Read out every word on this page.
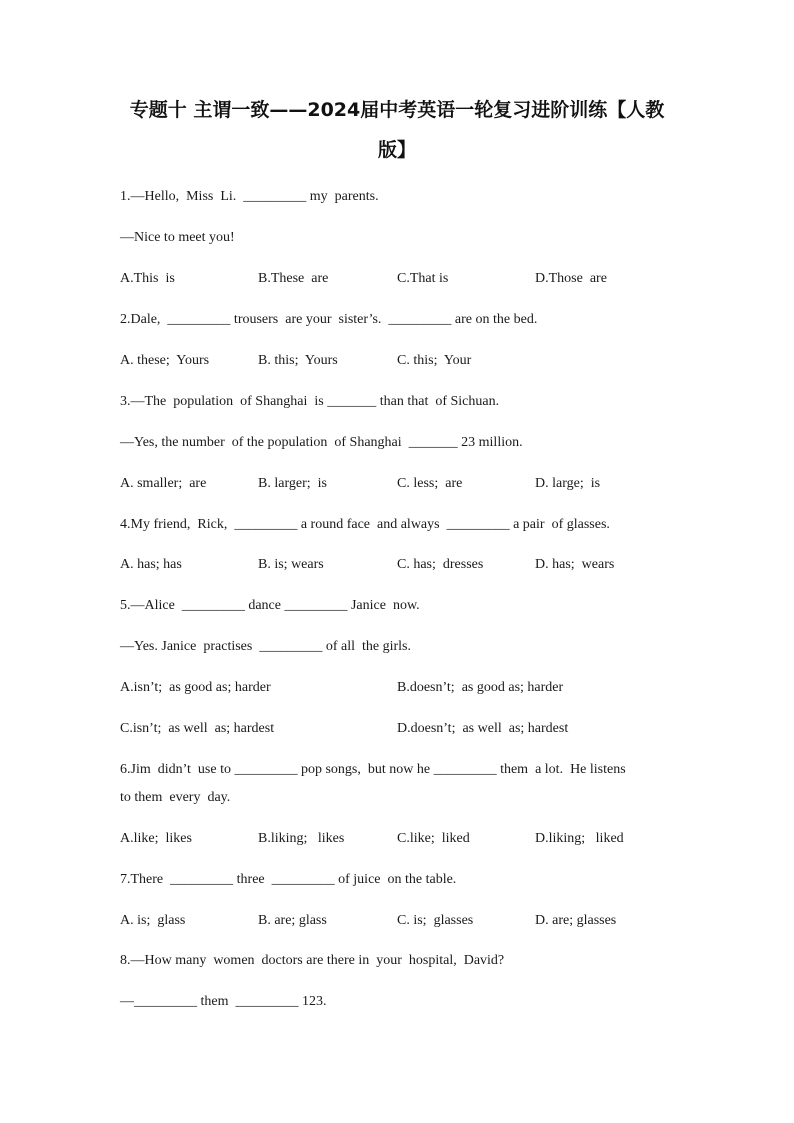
专题十 主谓一致——2024届中考英语一轮复习进阶训练【人教
版】
1.—Hello,  Miss  Li.  _________ my  parents.
—Nice to meet you!
A.This  is	B.These  are	C.That is	D.Those  are
2.Dale,  _________ trousers  are your  sister’s.  _________ are on the bed.
A. these;  Yours	B. this;  Yours	C. this;  Your
3.—The  population  of Shanghai  is _______ than that  of Sichuan.
—Yes, the number  of the population  of Shanghai  _______ 23 million.
A. smaller;  are	B. larger;  is	C. less;  are	D. large;  is
4.My friend,  Rick,  _________ a round face  and always  _________ a pair  of glasses.
A. has; has	B. is; wears	C. has;  dresses	D. has;  wears
5.—Alice  _________ dance _________ Janice  now.
—Yes. Janice  practises  _________ of all  the girls.
A.isn’t;  as good as; harder	B.doesn’t;  as good as; harder
C.isn’t;  as well  as; hardest	D.doesn’t;  as well  as; hardest
6.Jim  didn’t  use to _________ pop songs,  but now he _________ them  a lot.  He listens
to them  every  day.
A.like;  likes	B.liking;   likes	C.like;  liked	D.liking;   liked
7.There  _________ three  _________ of juice  on the table.
A. is;  glass	B. are; glass	C. is;  glasses	D. are; glasses
8.—How many  women  doctors are there in  your  hospital,  David?
—_________ them  _________ 123.
